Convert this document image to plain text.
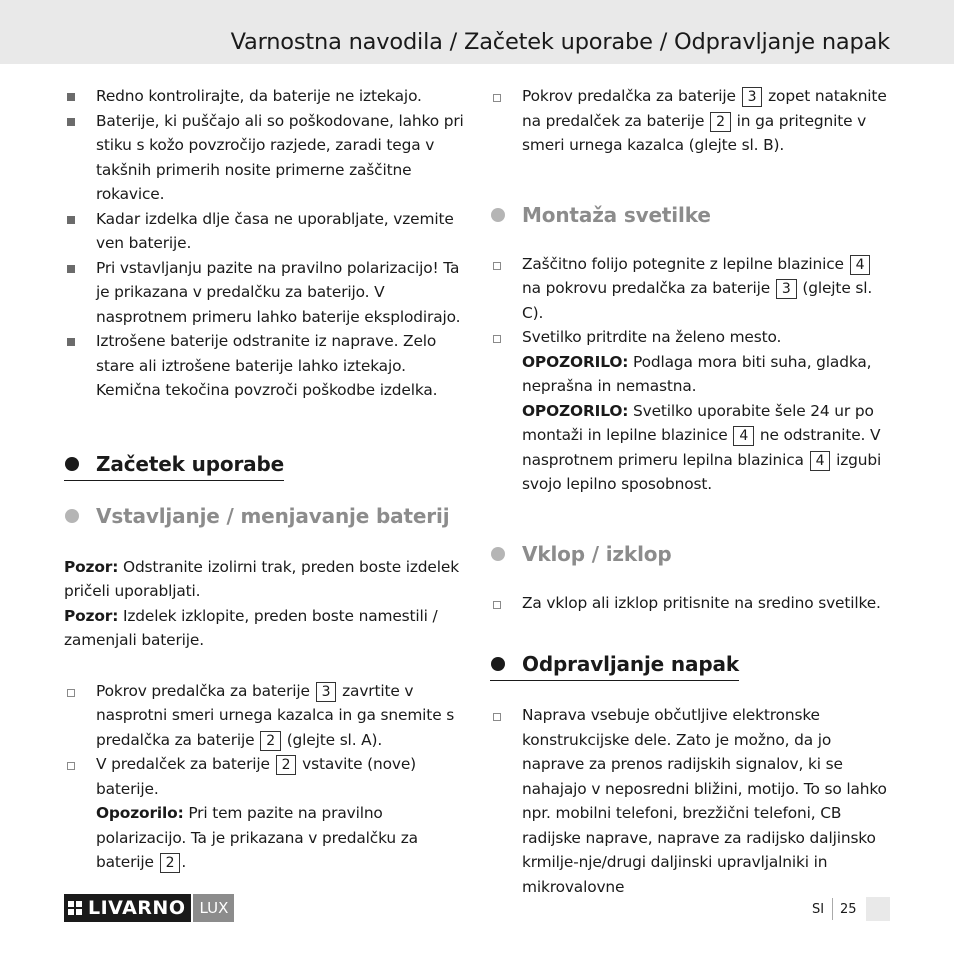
Varnostna navodila / Začetek uporabe / Odpravljanje napak
Redno kontrolirajte, da baterije ne iztekajo.
Baterije, ki puščajo ali so poškodovane, lahko pri stiku s kožo povzročijo razjede, zaradi tega v takšnih primerih nosite primerne zaščitne rokavice.
Kadar izdelka dlje časa ne uporabljate, vzemite ven baterije.
Pri vstavljanju pazite na pravilno polarizacijo! Ta je prikazana v predalčku za baterijo. V nasprotnem primeru lahko baterije eksplodirajo.
Iztrošene baterije odstranite iz naprave. Zelo stare ali iztrošene baterije lahko iztekajo. Kemična tekočina povzroči poškodbe izdelka.
Začetek uporabe
Vstavljanje / menjavanje baterij
Pozor: Odstranite izolirni trak, preden boste izdelek pričeli uporabljati.
Pozor: Izdelek izklopite, preden boste namestili / zamenjali baterije.
Pokrov predalčka za baterije 3 zavrtite v nasprotni smeri urnega kazalca in ga snemite s predalčka za baterije 2 (glejte sl. A).
V predalček za baterije 2 vstavite (nove) baterije.
Opozorilo: Pri tem pazite na pravilno polarizacijo. Ta je prikazana v predalčku za baterije 2 .
Pokrov predalčka za baterije 3 zopet nataknite na predalček za baterije 2 in ga pritegnite v smeri urnega kazalca (glejte sl. B).
Montaža svetilke
Zaščitno folijo potegnite z lepilne blazinice 4 na pokrovu predalčka za baterije 3 (glejte sl. C).
Svetilko pritrdite na želeno mesto.
OPOZORILO: Podlaga mora biti suha, gladka, neprašna in nemastna.
OPOZORILO: Svetilko uporabite šele 24 ur po montaži in lepilne blazinice 4 ne odstranite. V nasprotnem primeru lepilna blazinica 4 izgubi svojo lepilno sposobnost.
Vklop / izklop
Za vklop ali izklop pritisnite na sredino svetilke.
Odpravljanje napak
Naprava vsebuje občutljive elektronske konstrukcijske dele. Zato je možno, da jo naprave za prenos radijskih signalov, ki se nahajajo v neposredni bližini, motijo. To so lahko npr. mobilni telefoni, brezžični telefoni, CB radijske naprave, naprave za radijsko daljinsko krmilje-nje/drugi daljinski upravljalniki in mikrovalovne
LIVARNO LUX	SI 25
